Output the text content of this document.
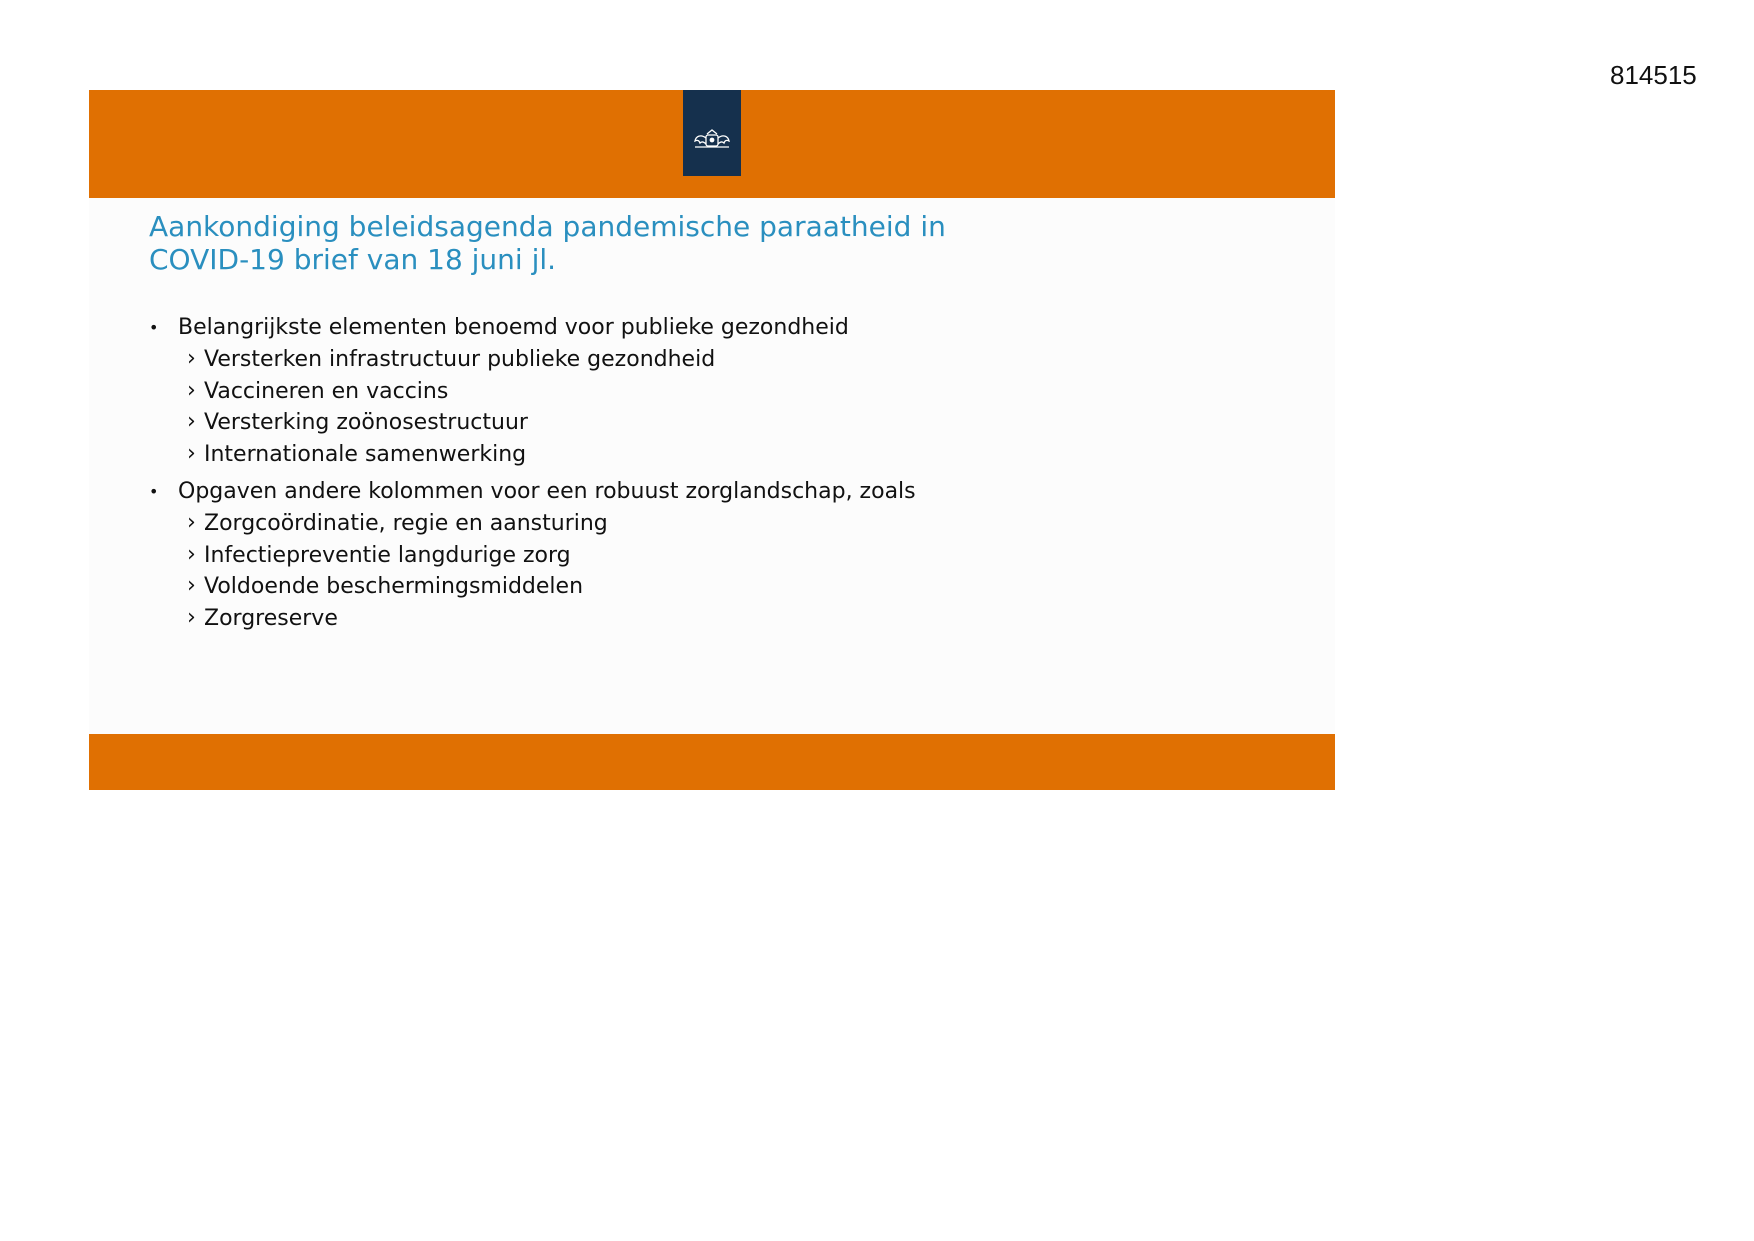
814515
Aankondiging beleidsagenda pandemische paraatheid in
COVID-19 brief van 18 juni jl.
• Belangrijkste elementen benoemd voor publieke gezondheid
› Versterken infrastructuur publieke gezondheid
› Vaccineren en vaccins
› Versterking zoönosestructuur
› Internationale samenwerking
• Opgaven andere kolommen voor een robuust zorglandschap, zoals
› Zorgcoördinatie, regie en aansturing
› Infectiepreventie langdurige zorg
› Voldoende beschermingsmiddelen
› Zorgreserve
